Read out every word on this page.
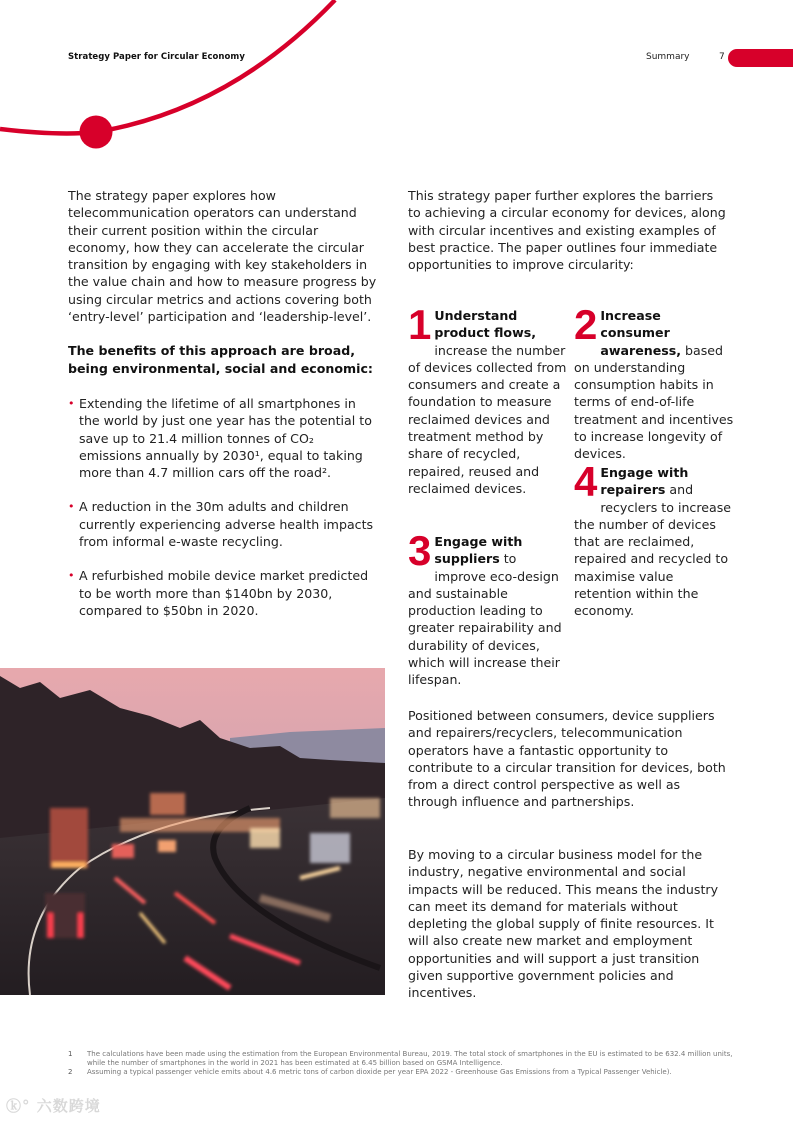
Strategy Paper for Circular Economy	Summary	7

The strategy paper explores how telecommunication operators can understand their current position within the circular economy, how they can accelerate the circular transition by engaging with key stakeholders in the value chain and how to measure progress by using circular metrics and actions covering both ‘entry-level’ participation and ‘leadership-level’.

The benefits of this approach are broad, being environmental, social and economic:

• Extending the lifetime of all smartphones in the world by just one year has the potential to save up to 21.4 million tonnes of CO₂ emissions annually by 2030¹, equal to taking more than 4.7 million cars off the road².
• A reduction in the 30m adults and children currently experiencing adverse health impacts from informal e-waste recycling.
• A refurbished mobile device market predicted to be worth more than $140bn by 2030, compared to $50bn in 2020.

This strategy paper further explores the barriers to achieving a circular economy for devices, along with circular incentives and existing examples of best practice. The paper outlines four immediate opportunities to improve circularity:

1 Understand product flows, increase the number of devices collected from consumers and create a foundation to measure reclaimed devices and treatment method by share of recycled, repaired, reused and reclaimed devices.
2 Increase consumer awareness, based on understanding consumption habits in terms of end-of-life treatment and incentives to increase longevity of devices.
3 Engage with suppliers to improve eco-design and sustainable production leading to greater repairability and durability of devices, which will increase their lifespan.
4 Engage with repairers and recyclers to increase the number of devices that are reclaimed, repaired and recycled to maximise value retention within the economy.

Positioned between consumers, device suppliers and repairers/recyclers, telecommunication operators have a fantastic opportunity to contribute to a circular transition for devices, both from a direct control perspective as well as through influence and partnerships.

By moving to a circular business model for the industry, negative environmental and social impacts will be reduced. This means the industry can meet its demand for materials without depleting the global supply of finite resources. It will also create new market and employment opportunities and will support a just transition given supportive government policies and incentives.

1	The calculations have been made using the estimation from the European Environmental Bureau, 2019. The total stock of smartphones in the EU is estimated to be 632.4 million units, while the number of smartphones in the world in 2021 has been estimated at 6.45 billion based on GSMA Intelligence.
2	Assuming a typical passenger vehicle emits about 4.6 metric tons of carbon dioxide per year EPA 2022 - Greenhouse Gas Emissions from a Typical Passenger Vehicle).
ⓚ° 六数跨境
